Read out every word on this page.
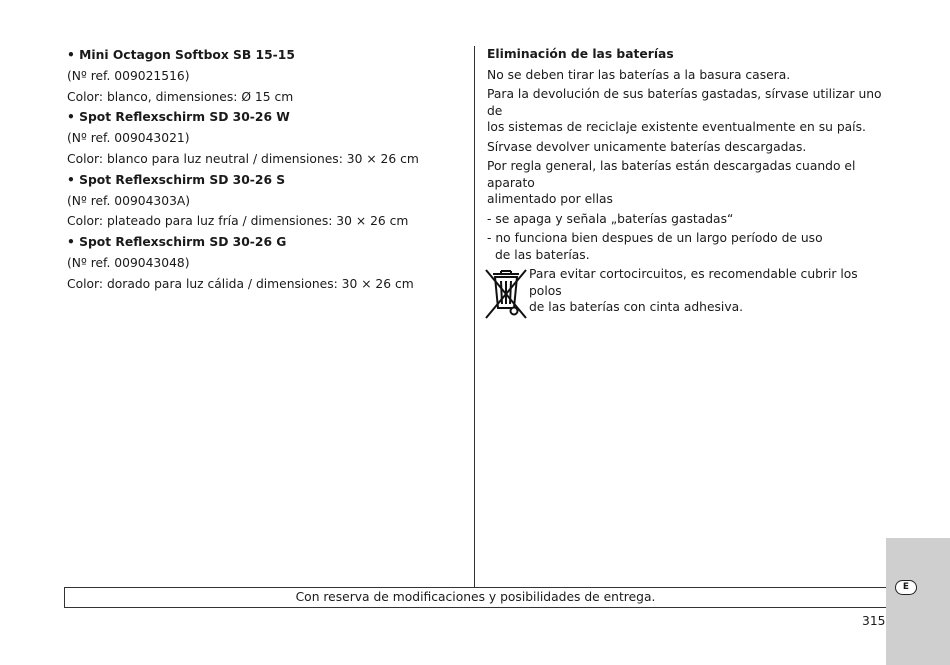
• Mini Octagon Softbox SB 15-15

(Nº ref. 009021516)

Color: blanco, dimensiones: Ø 15 cm

• Spot Reflexschirm SD 30-26 W

(Nº ref. 009043021)

Color: blanco para luz neutral / dimensiones: 30 × 26 cm

• Spot Reflexschirm SD 30-26 S

(Nº ref. 00904303A)

Color: plateado para luz fría / dimensiones: 30 × 26 cm

• Spot Reflexschirm SD 30-26 G

(Nº ref. 009043048)

Color: dorado para luz cálida / dimensiones: 30 × 26 cm

Eliminación de las baterías

No se deben tirar las baterías a la basura casera.

Para la devolución de sus baterías gastadas, sírvase utilizar uno de

los sistemas de reciclaje existente eventualmente en su país.

Sírvase devolver unicamente baterías descargadas.

Por regla general, las baterías están descargadas cuando el aparato

alimentado por ellas

- se apaga y señala „baterías gastadas“

- no funciona bien despues de un largo período de uso

de las baterías.

Para evitar cortocircuitos, es recomendable cubrir los polos
de las baterías con cinta adhesiva.

Con reserva de modificaciones y posibilidades de entrega.
E
315
